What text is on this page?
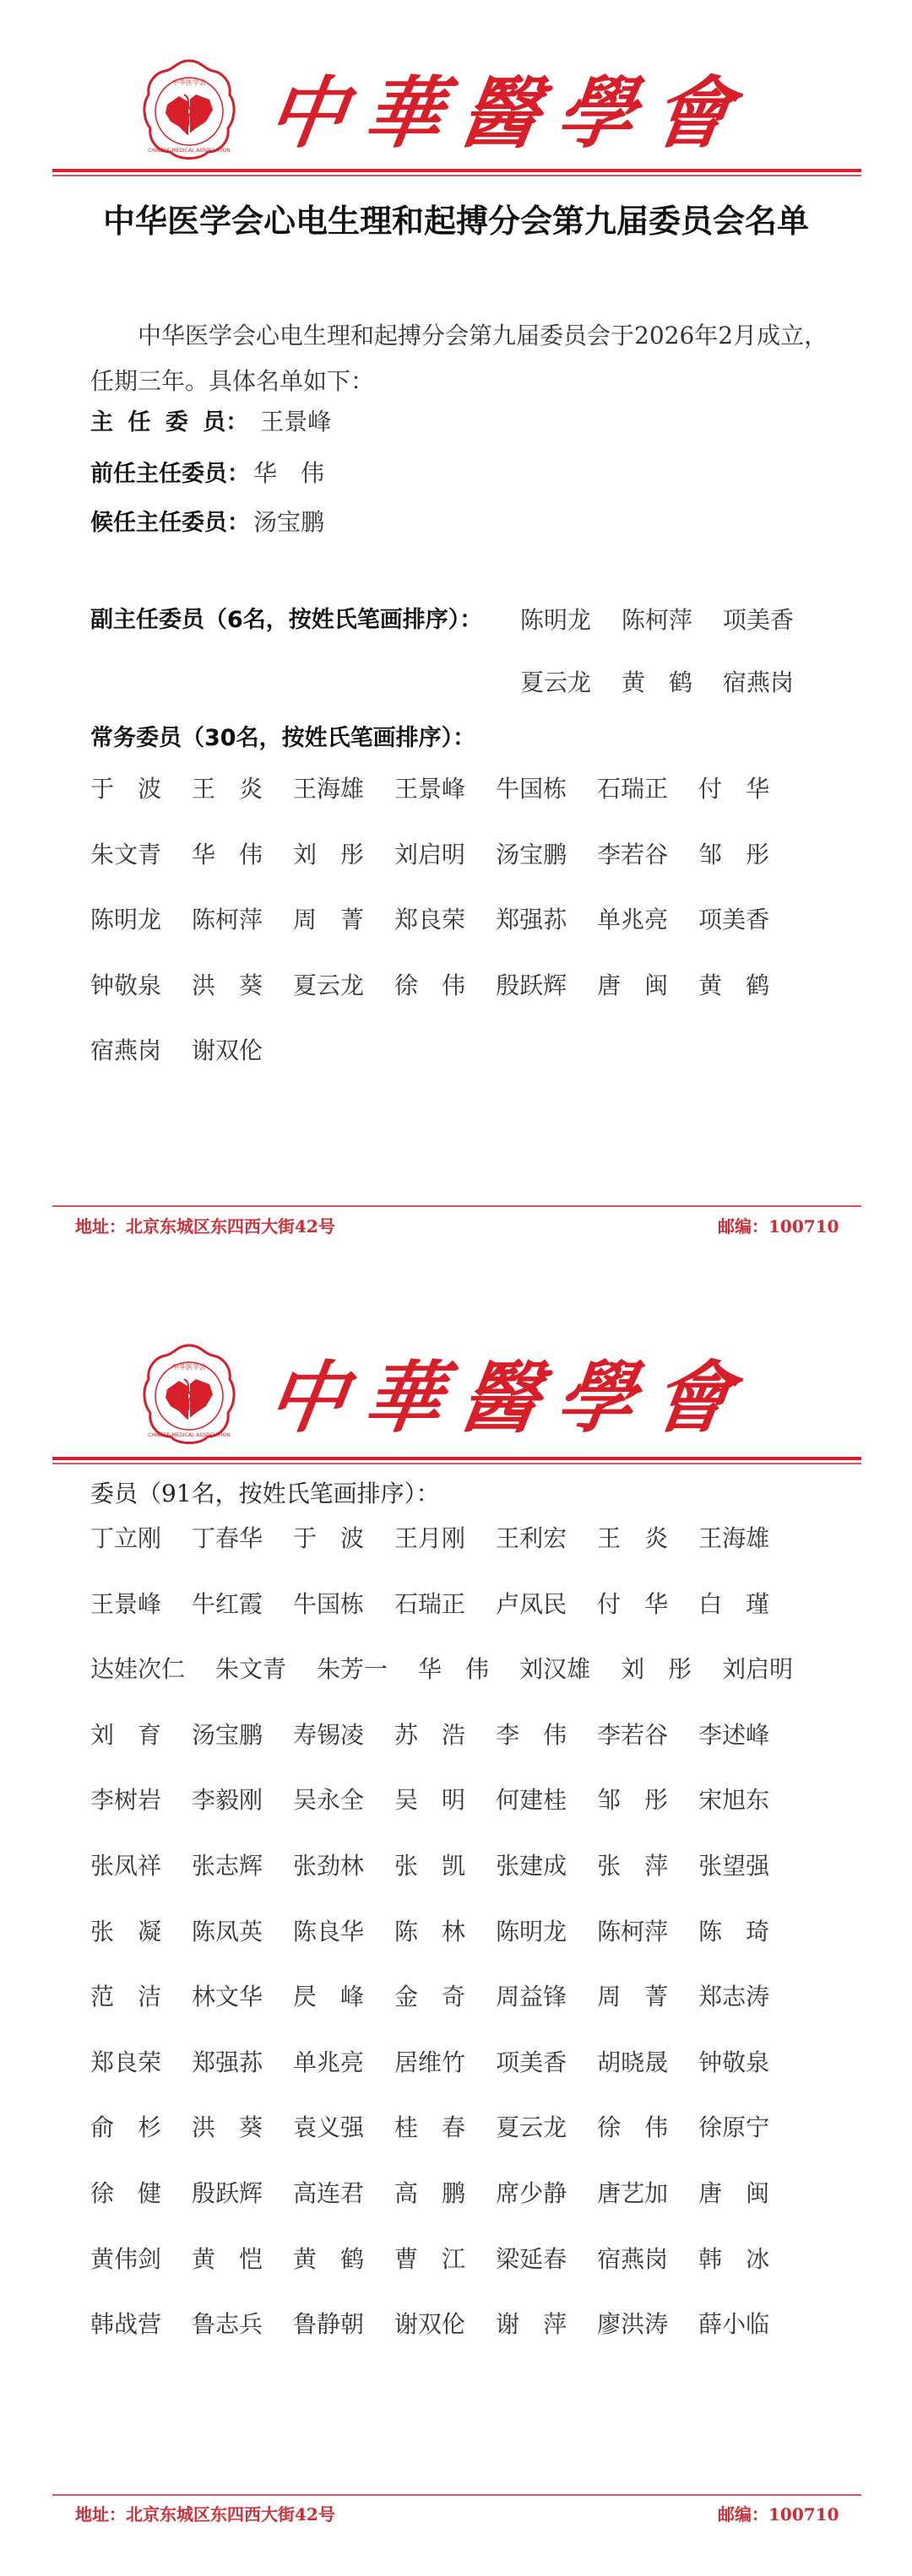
中华医学会
CHINESE MEDICAL ASSOCIATION 中華醫學會
中华医学会心电生理和起搏分会第九届委员会名单
中华医学会心电生理和起搏分会第九届委员会于2026年2月成立，
任期三年。具体名单如下：
主 任 委 员： 王景峰
前任主任委员： 华　伟
候任主任委员： 汤宝鹏
副主任委员（6名，按姓氏笔画排序）： 陈明龙 陈柯萍 项美香
夏云龙 黄　鹤 宿燕岗
常务委员（30名，按姓氏笔画排序）：
于　波 王　炎 王海雄 王景峰 牛国栋 石瑞正 付　华
朱文青 华　伟 刘　彤 刘启明 汤宝鹏 李若谷 邹　彤
陈明龙 陈柯萍 周　菁 郑良荣 郑强荪 单兆亮 项美香
钟敬泉 洪　葵 夏云龙 徐　伟 殷跃辉 唐　闽 黄　鹤
宿燕岗 谢双伦
地址：北京东城区东四西大街42号	邮编：100710
中华医学会
CHINESE MEDICAL ASSOCIATION 中華醫學會
委员（91名，按姓氏笔画排序）：
丁立刚 丁春华 于　波 王月刚 王利宏 王　炎 王海雄
王景峰 牛红霞 牛国栋 石瑞正 卢凤民 付　华 白　瑾
达娃次仁 朱文青 朱芳一 华　伟 刘汉雄 刘　彤 刘启明
刘　育 汤宝鹏 寿锡凌 苏　浩 李　伟 李若谷 李述峰
李树岩 李毅刚 吴永全 吴　明 何建桂 邹　彤 宋旭东
张凤祥 张志辉 张劲林 张　凯 张建成 张　萍 张望强
张　凝 陈凤英 陈良华 陈　林 陈明龙 陈柯萍 陈　琦
范　洁 林文华 昃　峰 金　奇 周益锋 周　菁 郑志涛
郑良荣 郑强荪 单兆亮 居维竹 项美香 胡晓晟 钟敬泉
俞　杉 洪　葵 袁义强 桂　春 夏云龙 徐　伟 徐原宁
徐　健 殷跃辉 高连君 高　鹏 席少静 唐艺加 唐　闽
黄伟剑 黄　恺 黄　鹤 曹　江 梁延春 宿燕岗 韩　冰
韩战营 鲁志兵 鲁静朝 谢双伦 谢　萍 廖洪涛 薛小临
地址：北京东城区东四西大街42号	邮编：100710
